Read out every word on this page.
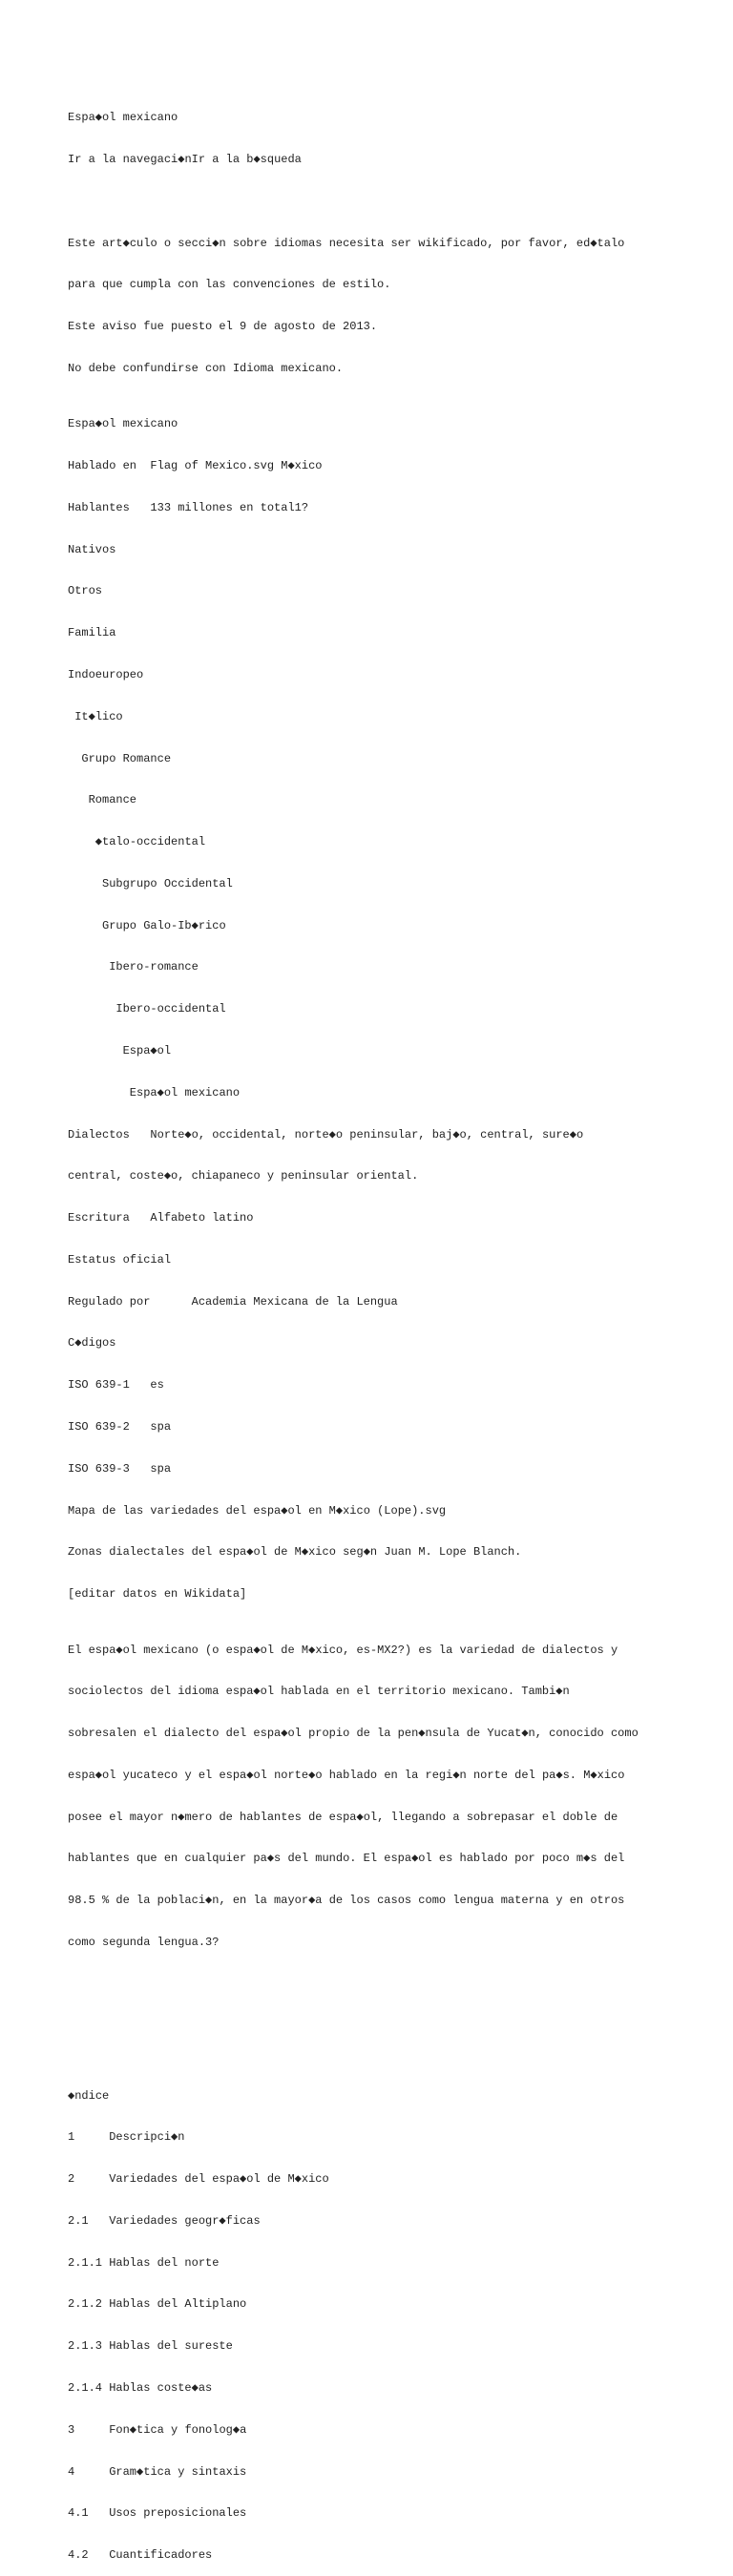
Espa◆ol mexicano

Ir a la navegaci◆nIr a la b◆squeda

Este art◆culo o secci◆n sobre idiomas necesita ser wikificado, por favor, ed◆talo

para que cumpla con las convenciones de estilo.

Este aviso fue puesto el 9 de agosto de 2013.

No debe confundirse con Idioma mexicano.

Espa◆ol mexicano

Hablado en  Flag of Mexico.svg M◆xico

Hablantes   133 millones en total1?

Nativos

Otros

Familia

Indoeuropeo

It◆lico

Grupo Romance

Romance

◆talo-occidental

Subgrupo Occidental

Grupo Galo-Ib◆rico

Ibero-romance

Ibero-occidental

Espa◆ol

Espa◆ol mexicano

Dialectos   Norte◆o, occidental, norte◆o peninsular, baj◆o, central, sure◆o

central, coste◆o, chiapaneco y peninsular oriental.

Escritura   Alfabeto latino

Estatus oficial

Regulado por      Academia Mexicana de la Lengua

C◆digos

ISO 639-1   es

ISO 639-2   spa

ISO 639-3   spa

Mapa de las variedades del espa◆ol en M◆xico (Lope).svg

Zonas dialectales del espa◆ol de M◆xico seg◆n Juan M. Lope Blanch.

[editar datos en Wikidata]

El espa◆ol mexicano (o espa◆ol de M◆xico, es-MX2?) es la variedad de dialectos y

sociolectos del idioma espa◆ol hablada en el territorio mexicano. Tambi◆n

sobresalen el dialecto del espa◆ol propio de la pen◆nsula de Yucat◆n, conocido como

espa◆ol yucateco y el espa◆ol norte◆o hablado en la regi◆n norte del pa◆s. M◆xico

posee el mayor n◆mero de hablantes de espa◆ol, llegando a sobrepasar el doble de

hablantes que en cualquier pa◆s del mundo. El espa◆ol es hablado por poco m◆s del

98.5 % de la poblaci◆n, en la mayor◆a de los casos como lengua materna y en otros

como segunda lengua.3?

◆ndice

1     Descripci◆n

2     Variedades del espa◆ol de M◆xico

2.1   Variedades geogr◆ficas

2.1.1 Hablas del norte

2.1.2 Hablas del Altiplano

2.1.3 Hablas del sureste

2.1.4 Hablas coste◆as

3     Fon◆tica y fonolog◆a

4     Gram◆tica y sintaxis

4.1   Usos preposicionales

4.2   Cuantificadores
